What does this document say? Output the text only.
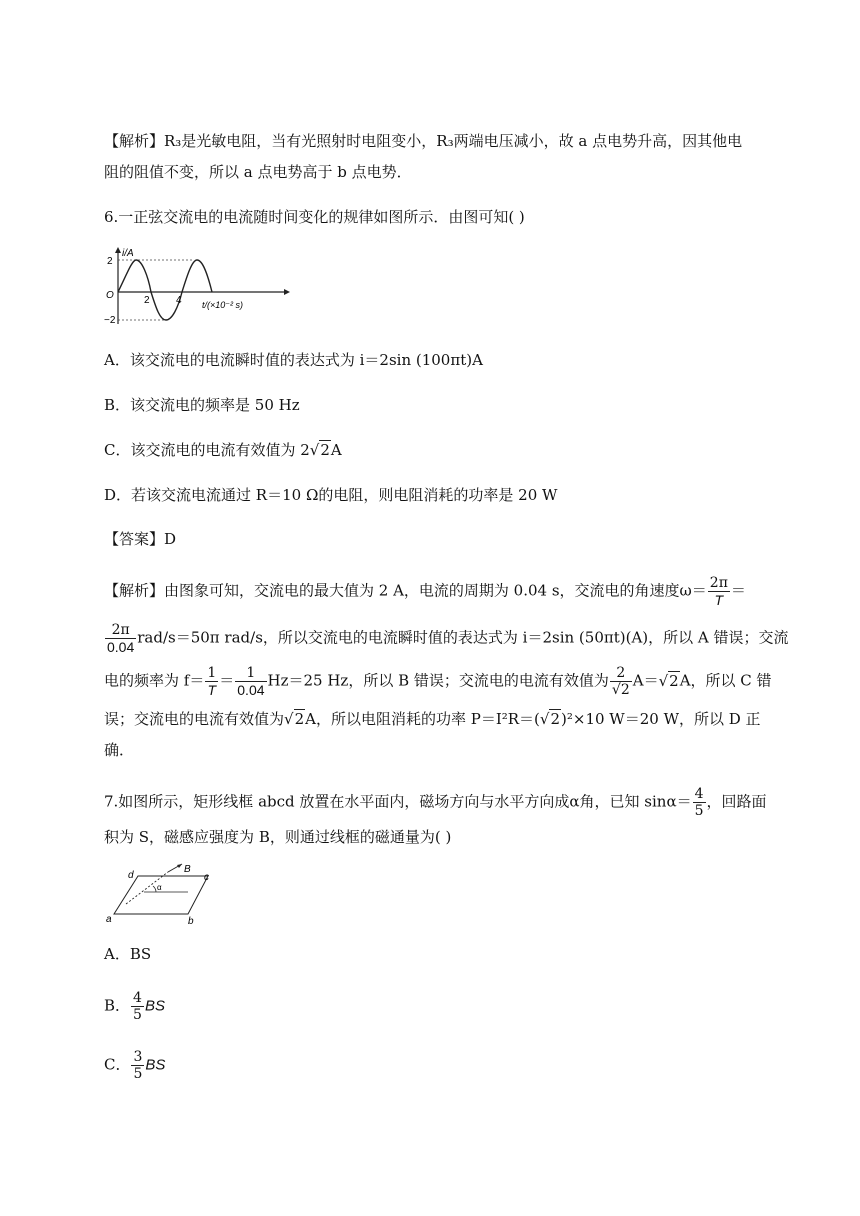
【解析】R₃是光敏电阻，当有光照射时电阻变小，R₃两端电压减小，故 a 点电势升高，因其他电
阻的阻值不变，所以 a 点电势高于 b 点电势．
6.一正弦交流电的电流随时间变化的规律如图所示．由图可知( )
i/A
2
O
−2
2	4 t/(×10⁻² s)
A．该交流电的电流瞬时值的表达式为 i＝2sin (100πt)A
B．该交流电的频率是 50 Hz
C．该交流电的电流有效值为 2√2A
D．若该交流电流通过 R＝10 Ω的电阻，则电阻消耗的功率是 20 W
【答案】D
【解析】由图象可知，交流电的最大值为 2 A，电流的周期为 0.04 s，交流电的角速度$\omega= \frac{2\pi}{T}$ ＝
$\frac{2\pi}{0.04} rad/s=50\pi$ rad/s，所以交流电的电流瞬时值的表达式为 i＝2sin (50πt)(A)，所以 A 错误；交流
电的频率为 $f= \frac{1}{T} = \frac{1}{0.04} Hz=25$ Hz，所以 B 错误；交流电的电流有效值为 $\frac{2}{√2} A=√2A$，所以 C 错
误；交流电的电流有效值为√2A，所以电阻消耗的功率 P＝I²R＝(√2)²×10 W＝20 W，所以 D 正
确．
7.如图所示，矩形线框 abcd 放置在水平面内，磁场方向与水平方向成α角，已知 $\sin\alpha= \frac{4}{5}$ ，回路面
积为 S，磁感应强度为 B，则通过线框的磁通量为( )
a	b
c
d
B
α
A．BS
B． $\frac{4}{5}$ BS
C． $\frac{3}{5}$ BS
